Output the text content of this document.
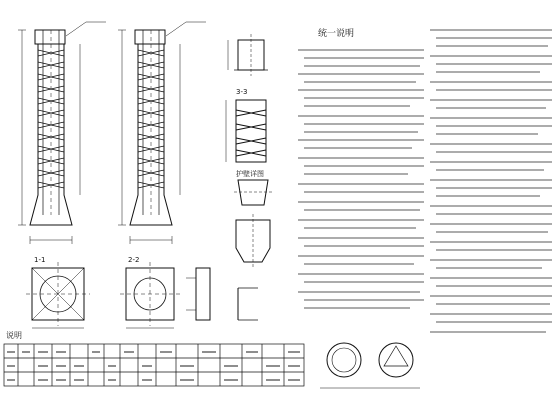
统一说明
说明
1-1	2-2
3-3
护壁详图
